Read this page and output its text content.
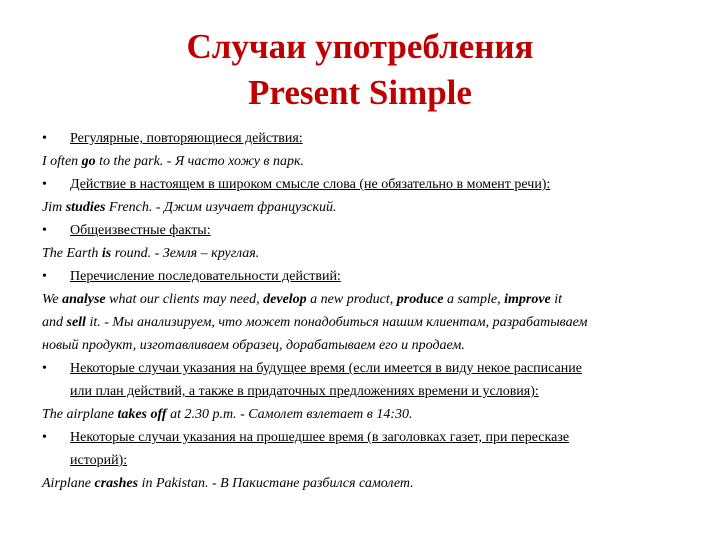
Случаи употребления
Present Simple
• Регулярные, повторяющиеся действия:
I often go to the park. - Я часто хожу в парк.
• Действие в настоящем в широком смысле слова (не обязательно в момент речи):
Jim studies French. - Джим изучает французский.
• Общеизвестные факты:
The Earth is round. - Земля – круглая.
• Перечисление последовательности действий:
We analyse what our clients may need, develop a new product, produce a sample, improve it
and sell it. - Мы анализируем, что может понадобиться нашим клиентам, разрабатываем
новый продукт, изготавливаем образец, дорабатываем его и продаем.
• Некоторые случаи указания на будущее время (если имеется в виду некое расписание
или план действий, а также в придаточных предложениях времени и условия):
The airplane takes off at 2.30 p.m. - Самолет взлетает в 14:30.
• Некоторые случаи указания на прошедшее время (в заголовках газет, при пересказе
историй):
Airplane crashes in Pakistan. - В Пакистане разбился самолет.
